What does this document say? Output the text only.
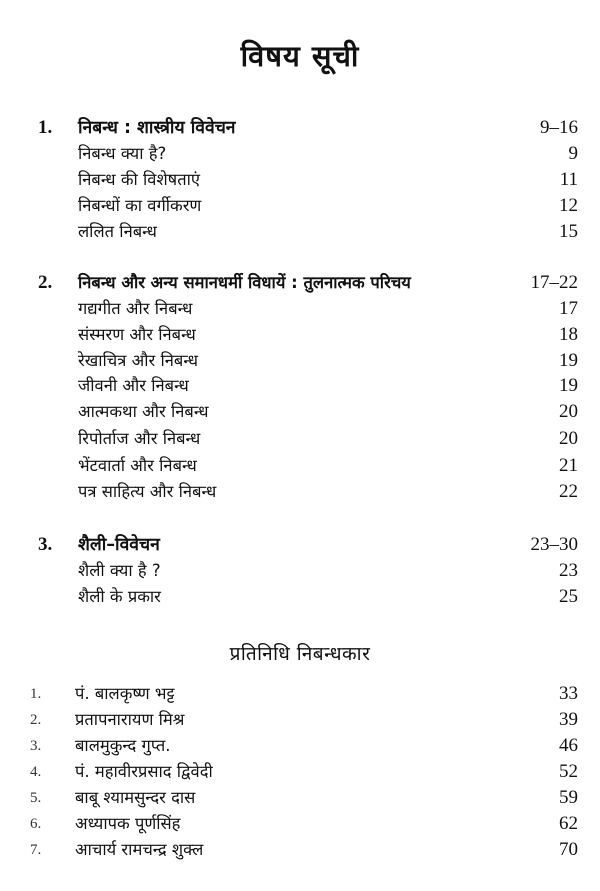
विषय सूची
1. निबन्ध : शास्त्रीय विवेचन	9–16
निबन्ध क्या है?	9
निबन्ध की विशेषताएं	11
निबन्धों का वर्गीकरण	12
ललित निबन्ध	15
2. निबन्ध और अन्य समानधर्मी विधायें : तुलनात्मक परिचय	17–22
गद्यगीत और निबन्ध	17
संस्मरण और निबन्ध	18
रेखाचित्र और निबन्ध	19
जीवनी और निबन्ध	19
आत्मकथा और निबन्ध	20
रिपोर्ताज और निबन्ध	20
भेंटवार्ता और निबन्ध	21
पत्र साहित्य और निबन्ध	22
3. शैली–विवेचन	23–30
शैली क्या है ?	23
शैली के प्रकार	25
प्रतिनिधि निबन्धकार
1. पं. बालकृष्ण भट्ट	33
2. प्रतापनारायण मिश्र	39
3. बालमुकुन्द गुप्त.	46
4. पं. महावीरप्रसाद द्विवेदी	52
5. बाबू श्यामसुन्दर दास	59
6. अध्यापक पूर्णसिंह	62
7. आचार्य रामचन्द्र शुक्ल	70
